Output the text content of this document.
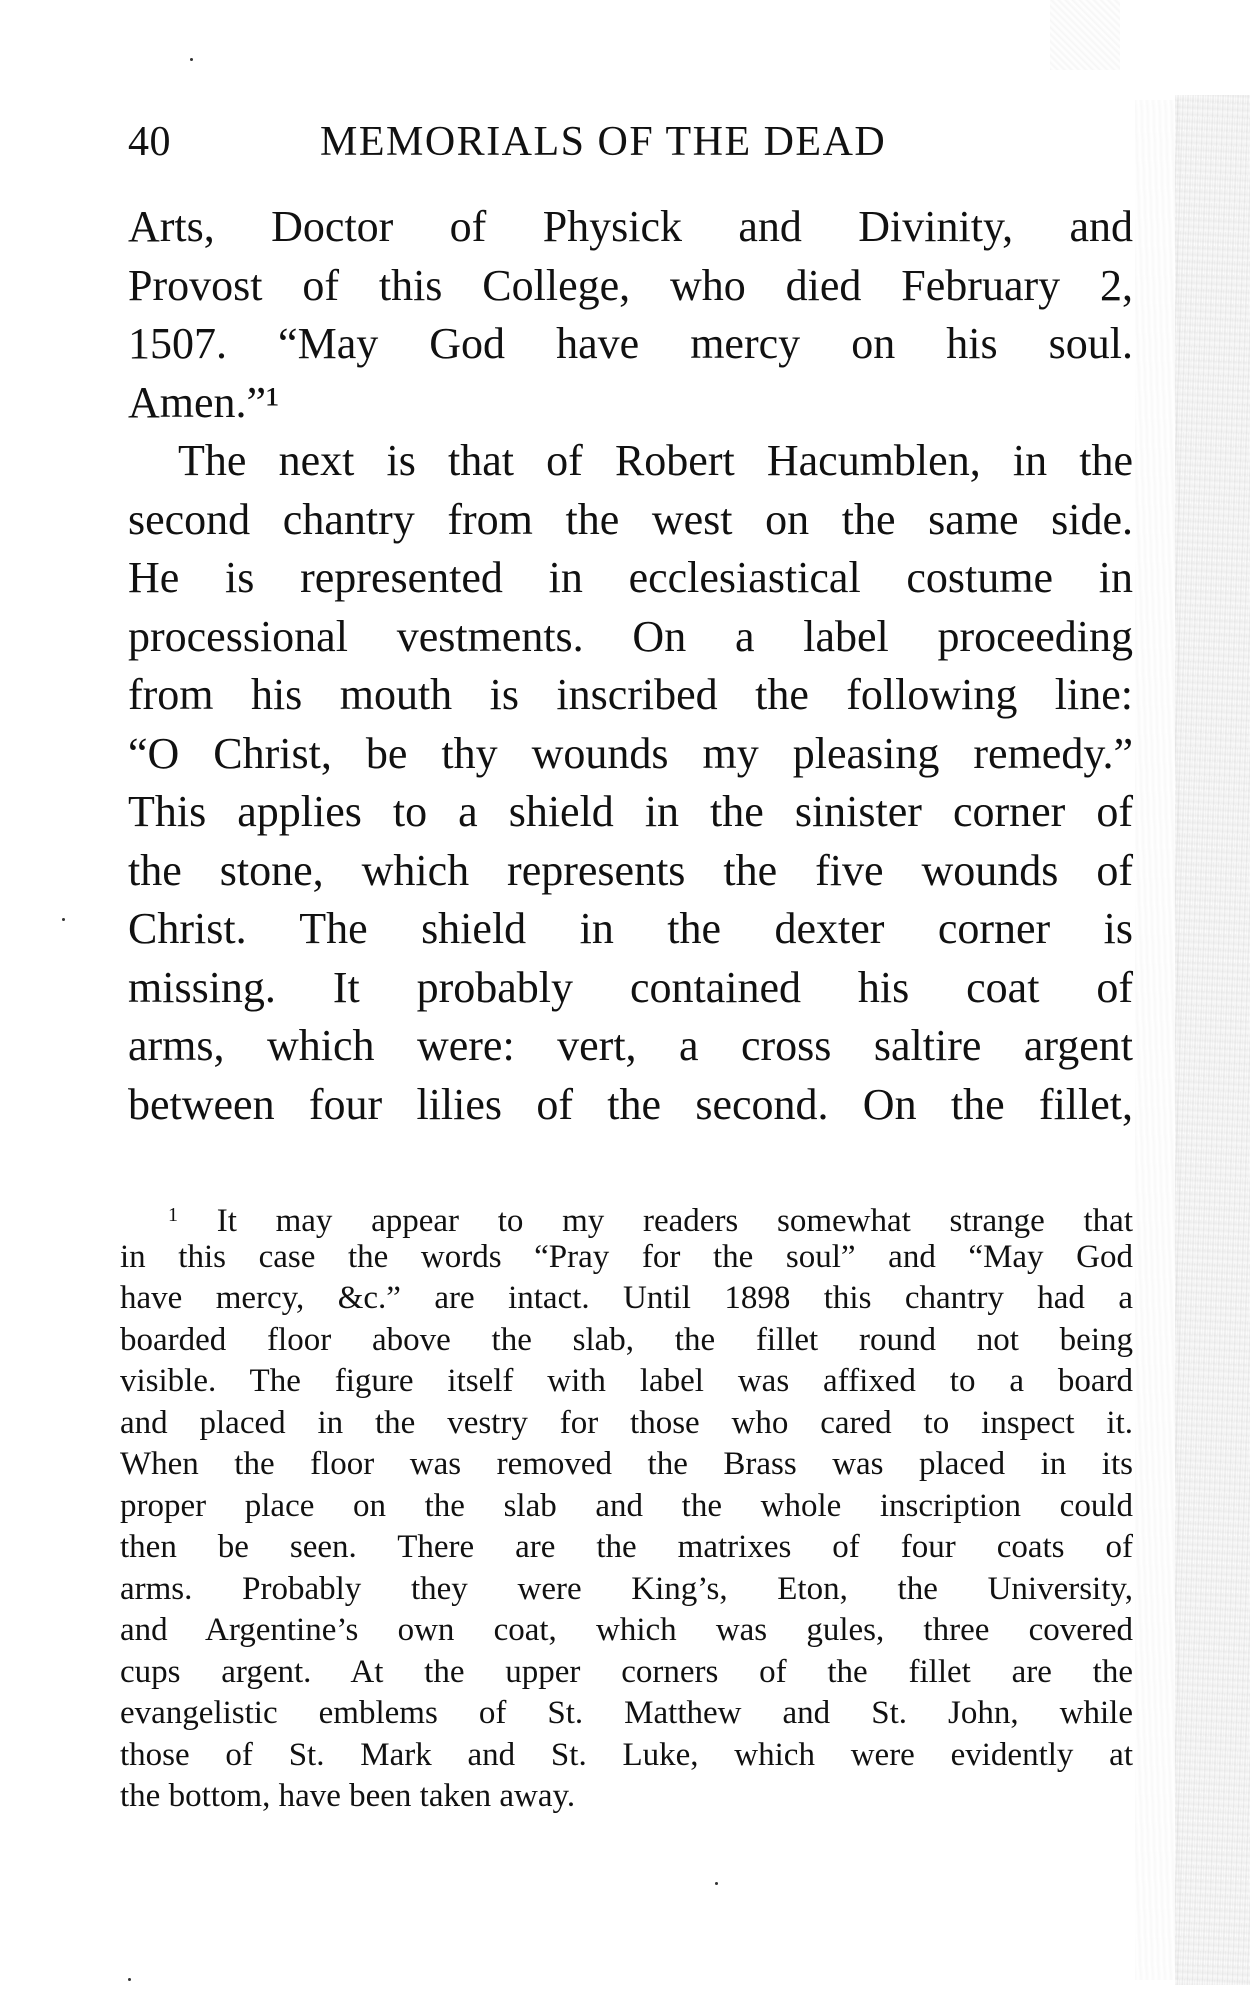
40	MEMORIALS OF THE DEAD
Arts, Doctor of Physick and Divinity, and
Provost of this College, who died February 2,
1507. “May God have mercy on his soul.
Amen.”¹
The next is that of Robert Hacumblen, in the
second chantry from the west on the same side.
He is represented in ecclesiastical costume in
processional vestments. On a label proceeding
from his mouth is inscribed the following line:
“O Christ, be thy wounds my pleasing remedy.”
This applies to a shield in the sinister corner of
the stone, which represents the five wounds of
Christ. The shield in the dexter corner is
missing. It probably contained his coat of
arms, which were: vert, a cross saltire argent
between four lilies of the second. On the fillet,
$^1$ It may appear to my readers somewhat strange that
in this case the words “Pray for the soul” and “May God
have mercy, &c.” are intact. Until 1898 this chantry had a
boarded floor above the slab, the fillet round not being
visible. The figure itself with label was affixed to a board
and placed in the vestry for those who cared to inspect it.
When the floor was removed the Brass was placed in its
proper place on the slab and the whole inscription could
then be seen. There are the matrixes of four coats of
arms. Probably they were King’s, Eton, the University,
and Argentine’s own coat, which was gules, three covered
cups argent. At the upper corners of the fillet are the
evangelistic emblems of St. Matthew and St. John, while
those of St. Mark and St. Luke, which were evidently at
the bottom, have been taken away.
